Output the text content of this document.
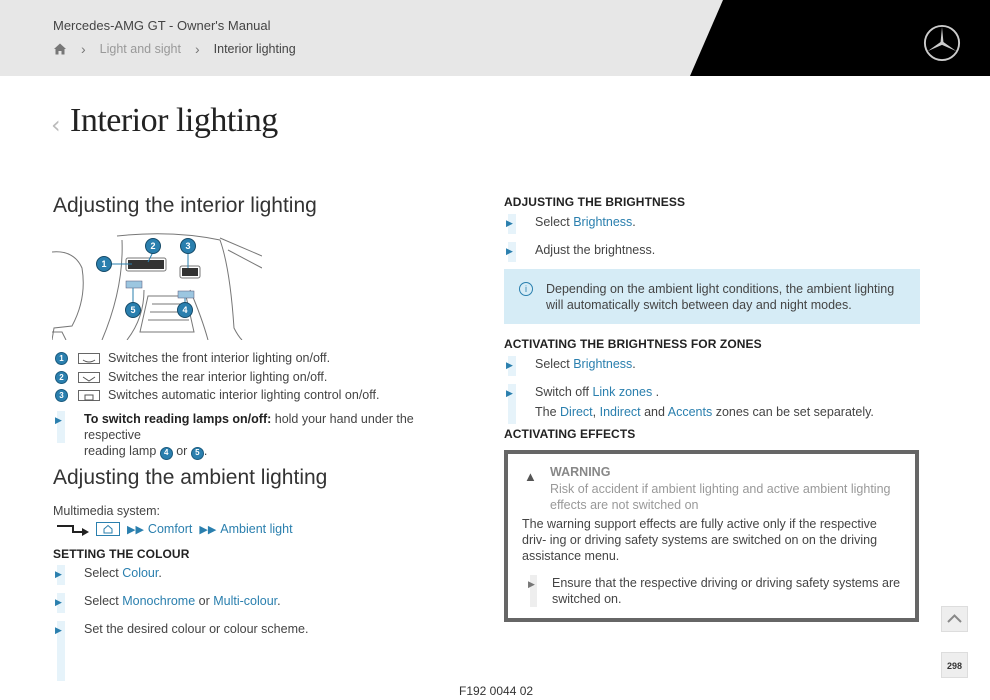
Mercedes-AMG GT - Owner's Manual
› Light and sight › Interior lighting
‹ Interior lighting
Adjusting the interior lighting
1
2	3
4
5
1	Switches the front interior lighting on/off.
2	Switches the rear interior lighting on/off.
3	Switches automatic interior lighting control on/off.
▶ To switch reading lamps on/off: hold your hand under the respective
reading lamp 4 or 5 .
Adjusting the ambient lighting
Multimedia system:
▶▶ Comfort ▶▶ Ambient light
SETTING THE COLOUR
▶ Select Colour.
▶ Select Monochrome or Multi-colour.
▶ Set the desired colour or colour scheme.
ADJUSTING THE BRIGHTNESS
▶ Select Brightness.
▶ Adjust the brightness.
i	Depending on the ambient light conditions, the ambient lighting will automatically switch between day and night modes.
ACTIVATING THE BRIGHTNESS FOR ZONES
▶ Select Brightness.
▶ Switch off Link zones .
The Direct, Indirect and Accents zones can be set separately.
ACTIVATING EFFECTS
▲ WARNING
Risk of accident if ambient lighting and active ambient lighting effects are not switched on
The warning support effects are fully active only if the respective driv- ing or driving safety systems are switched on on the driving assistance menu.
▶ Ensure that the respective driving or driving safety systems are switched on.
298
F192 0044 02
